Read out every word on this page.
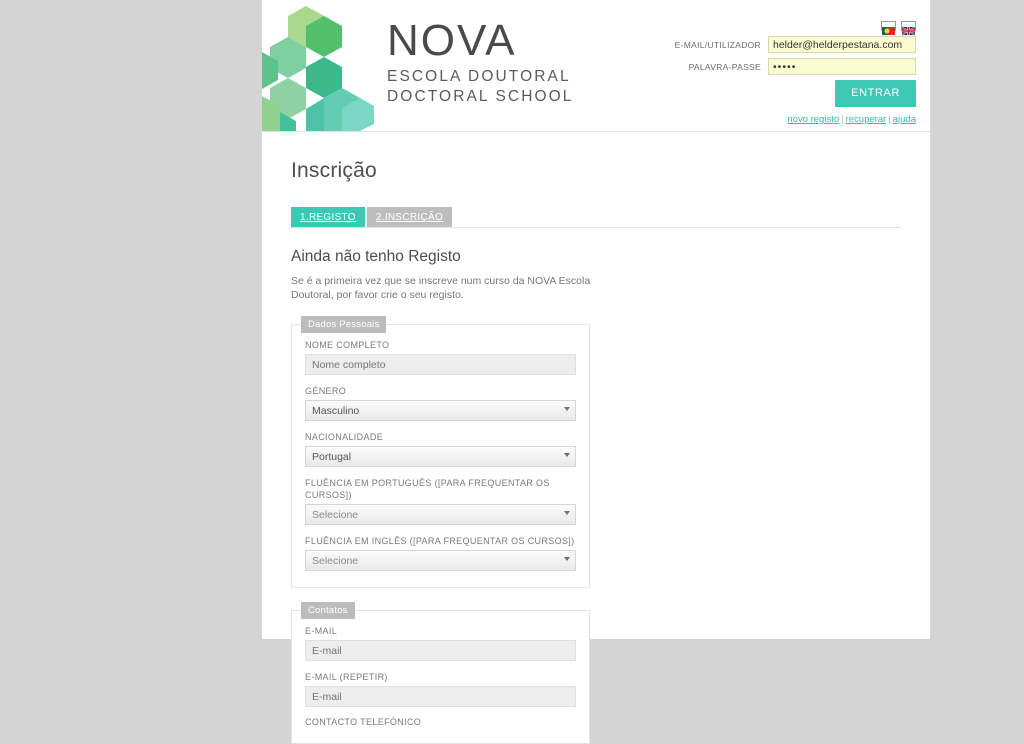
NOVA
ESCOLA DOUTORAL
DOCTORAL SCHOOL
E-MAIL/UTILIZADOR
helder@helderpestana.com
PALAVRA-PASSE
•••••
ENTRAR
novo registo | recuperar | ajuda
Inscrição
1.REGISTO	2.INSCRIÇÃO
Ainda não tenho Registo

Se é a primeira vez que se inscreve num curso da NOVA Escola Doutoral, por favor crie o seu registo.

Dados Pessoais
NOME COMPLETO
Nome completo
GÉNERO
Masculino
NACIONALIDADE
Portugal
FLUÊNCIA EM PORTUGUÊS ([PARA FREQUENTAR OS CURSOS])
Selecione
FLUÊNCIA EM INGLÊS ([PARA FREQUENTAR OS CURSOS])
Selecione
Contatos
E-MAIL
E-mail
E-MAIL (REPETIR)
E-mail
CONTACTO TELEFÓNICO
